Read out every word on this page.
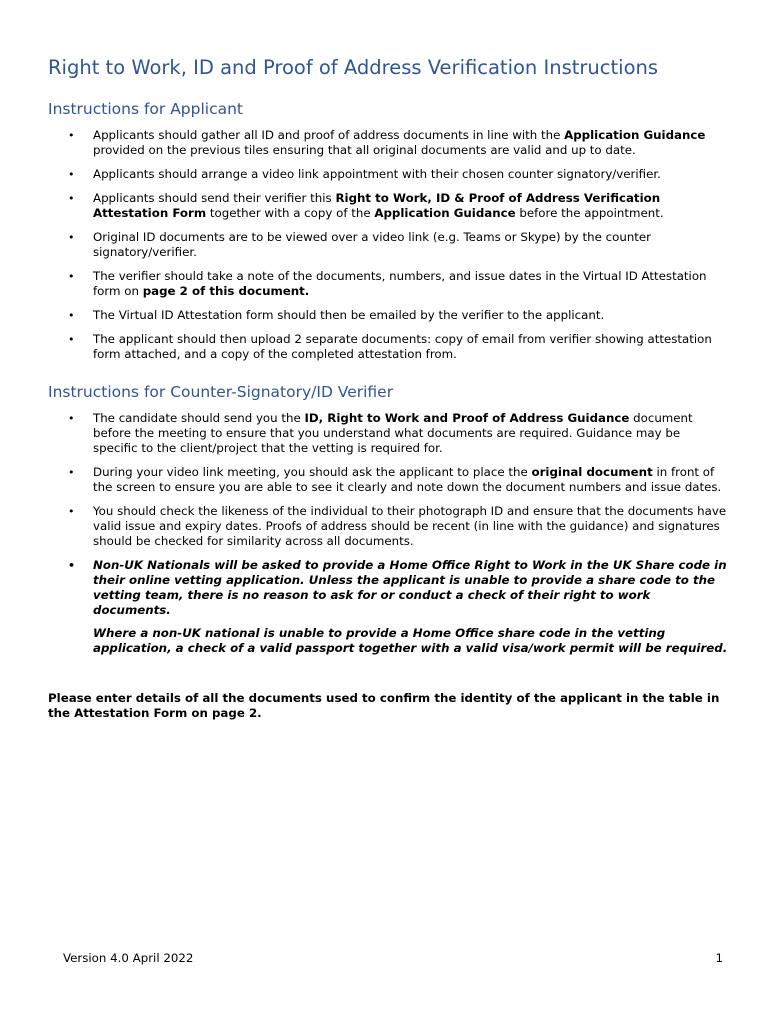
Right to Work, ID and Proof of Address Verification Instructions
Instructions for Applicant
• Applicants should gather all ID and proof of address documents in line with the Application Guidance provided on the previous tiles ensuring that all original documents are valid and up to date.
• Applicants should arrange a video link appointment with their chosen counter signatory/verifier.
• Applicants should send their verifier this Right to Work, ID & Proof of Address Verification Attestation Form together with a copy of the Application Guidance before the appointment.
• Original ID documents are to be viewed over a video link (e.g. Teams or Skype) by the counter signatory/verifier.
• The verifier should take a note of the documents, numbers, and issue dates in the Virtual ID Attestation form on page 2 of this document.
• The Virtual ID Attestation form should then be emailed by the verifier to the applicant.
• The applicant should then upload 2 separate documents: copy of email from verifier showing attestation form attached, and a copy of the completed attestation from.
Instructions for Counter-Signatory/ID Verifier
• The candidate should send you the ID, Right to Work and Proof of Address Guidance document before the meeting to ensure that you understand what documents are required. Guidance may be specific to the client/project that the vetting is required for.
• During your video link meeting, you should ask the applicant to place the original document in front of the screen to ensure you are able to see it clearly and note down the document numbers and issue dates.
• You should check the likeness of the individual to their photograph ID and ensure that the documents have valid issue and expiry dates. Proofs of address should be recent (in line with the guidance) and signatures should be checked for similarity across all documents.
• Non-UK Nationals will be asked to provide a Home Office Right to Work in the UK Share code in their online vetting application. Unless the applicant is unable to provide a share code to the vetting team, there is no reason to ask for or conduct a check of their right to work documents.
Where a non-UK national is unable to provide a Home Office share code in the vetting application, a check of a valid passport together with a valid visa/work permit will be required.

Please enter details of all the documents used to confirm the identity of the applicant in the table in the Attestation Form on page 2.

Version 4.0 April 2022	1
